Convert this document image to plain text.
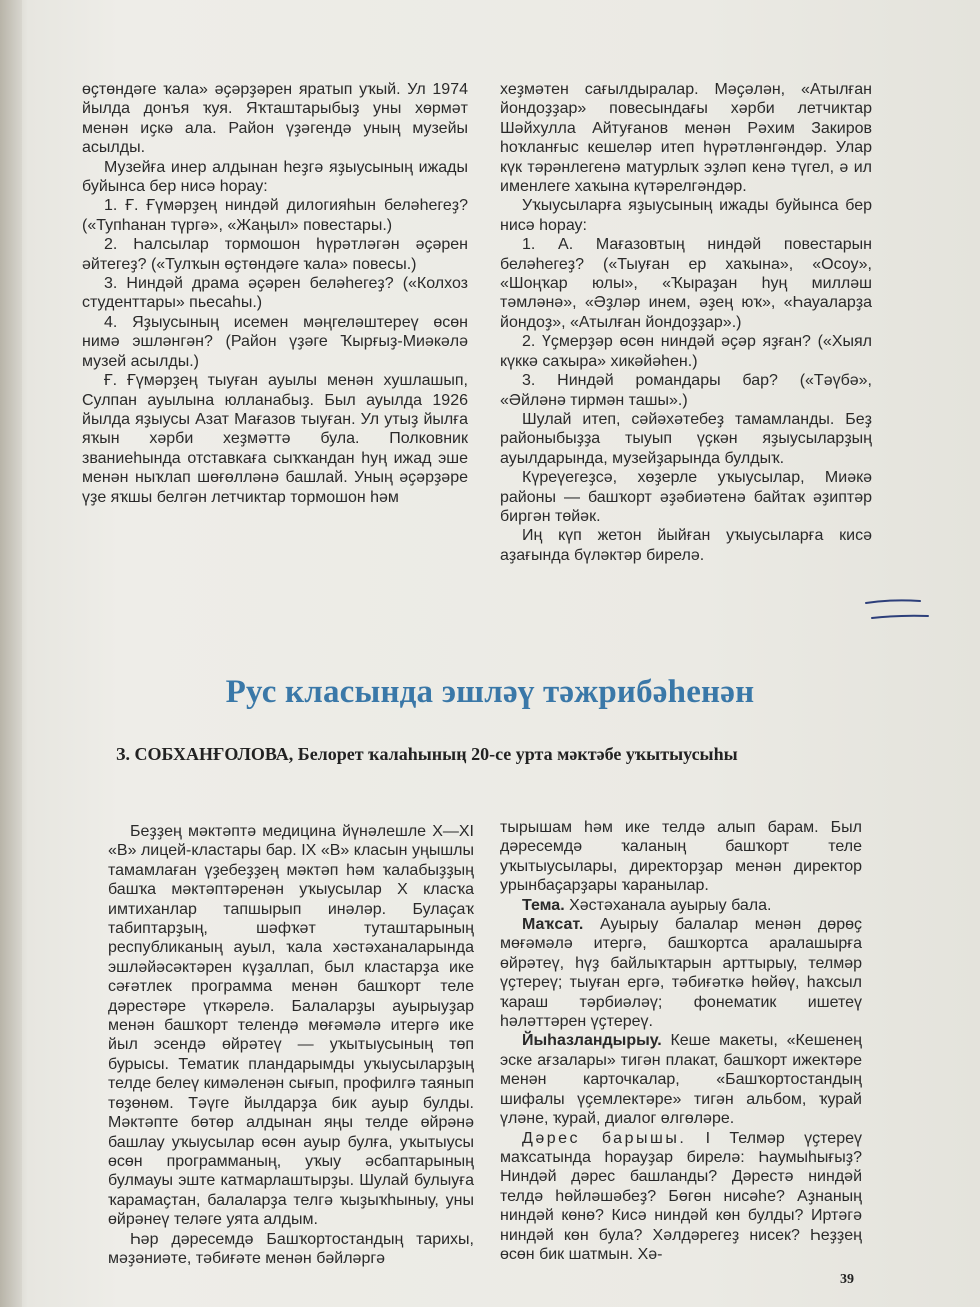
өҫтөндәге ҡала» әҫәрҙәрен яратып уҡый. Ул 1974 йылда донъя ҡуя. Яҡташтарыбыҙ уны хөрмәт менән иҫкә ала. Район үҙәгендә уның музейы асылды.

Музейға инер алдынан һеҙгә яҙыусының ижады буйынса бер нисә һорау:

1. Ғ. Ғүмәрҙең ниндәй дилогияһын беләһегеҙ? («Тупһанан түргә», «Жаңыл» повестары.)

2. Һалсылар тормошон һүрәтләгән әҫәрен әйтегеҙ? («Тулҡын өҫтөндәге ҡала» повесы.)

3. Ниндәй драма әҫәрен беләһегеҙ? («Колхоз студенттары» пьесаһы.)

4. Яҙыусының исемен мәңгеләштереү өсөн нимә эшләнгән? (Район үҙәге Ҡырғыҙ-Миәкәлә музей асылды.)

Ғ. Ғүмәрҙең тыуған ауылы менән хушлашып, Сулпан ауылына юлланабыҙ. Был ауылда 1926 йылда яҙыусы Азат Мағазов тыуған. Ул утыҙ йылға яҡын хәрби хеҙмәттә була. Полковник званиеһында отставкаға сыҡҡандан һуң ижад эше менән ныҡлап шөғөлләнә башлай. Уның әҫәрҙәре үҙе яҡшы белгән летчиктар тормошон һәм

хеҙмәтен сағылдыралар. Мәҫәлән, «Атылған йондоҙҙар» повесындағы хәрби летчиктар Шәйхулла Айтуғанов менән Рәхим Закиров һоҡланғыс кешеләр итеп һүрәтләнгәндәр. Улар күк тәрәнлегенә матурлыҡ эҙләп кенә түгел, ә ил именлеге хаҡына күтәрелгәндәр.

Уҡыусыларға яҙыусының ижады буйынса бер нисә һорау:

1. А. Мағазовтың ниндәй повестарын беләһегеҙ? («Тыуған ер хаҡына», «Осоу», «Шоңҡар юлы», «Ҡыраҙан һуң милләш тәмләнә», «Әҙләр инем, әҙең юҡ», «Һауаларҙа йондоҙ», «Атылған йондоҙҙар».)

2. Үҫмерҙәр өсөн ниндәй әҫәр яҙған? («Хыял күккә саҡыра» хикәйәһен.)

3. Ниндәй романдары бар? («Тәүбә», «Әйләнә тирмән ташы».)

Шулай итеп, сәйәхәтебеҙ тамамланды. Беҙ районыбыҙҙа тыуып үҫкән яҙыусыларҙың ауылдарында, музейҙарында булдыҡ.

Күреүегеҙсә, хөҙерле уҡыусылар, Миәкә районы — башҡорт әҙәбиәтенә байтаҡ әҙиптәр биргән төйәк.

Иң күп жетон йыйған уҡыусыларға кисә аҙағында бүләктәр бирелә.

Рус класында эшләү тәжрибәһенән

З. СОБХАНҒОЛОВА, Белорет ҡалаһының 20-се урта мәктәбе уҡытыусыһы

Беҙҙең мәктәптә медицина йүнәлешле X—XI «В» лицей-кластары бар. IX «В» класын уңышлы тамамлаған үҙебеҙҙең мәктәп һәм ҡалабыҙҙың башҡа мәктәптәренән уҡыусылар X класҡа имтиханлар тапшырып инәләр. Булаҫаҡ табиптарҙың, шәфҡәт туташтарының республиканың ауыл, ҡала хәстәханаларында эшләйәсәктәрен күҙаллап, был кластарҙа ике сәғәтлек программа менән башҡорт теле дәрестәре үткәрелә. Балаларҙы ауырыуҙар менән башҡорт телендә мөғәмәлә итергә ике йыл эсендә өйрәтеү — уҡытыусының төп бурысы. Тематик пландарымды уҡыусыларҙың телде белеү кимәленән сығып, профилгә таянып төҙөнөм. Тәүге йылдарҙа бик ауыр булды. Мәктәпте бөтөр алдынан яңы телде өйрәнә башлау уҡыусылар өсөн ауыр булға, уҡытыусы өсөн программаның, уҡыу әсбаптарының булмауы эште катмарлаштырҙы. Шулай булыуға ҡарамаҫтан, балаларҙа телгә ҡыҙыҡһыныу, уны өйрәнеү теләге уята алдым.

Һәр дәресемдә Башҡортостандың тарихы, мәҙәниәте, тәбиғәте менән бәйләргә

тырышам һәм ике телдә алып барам. Был дәресемдә ҡаланың башҡорт теле уҡытыусылары, директорҙар менән директор урынбаҫарҙары ҡаранылар.

Тема. Хәстәханала ауырыу бала.

Маҡсат. Ауырыу балалар менән дөрөҫ мөғәмәлә итергә, башҡортса аралашырға өйрәтеү, һүҙ байлыҡтарын арттырыу, телмәр үҫтереү; тыуған ергә, тәбиғәткә һөйөү, һаҡсыл ҡараш тәрбиәләү; фонематик ишетеү һәләттәрен үҫтереү.

Йыһазландырыу. Кеше макеты, «Кешенең эске ағзалары» тигән плакат, башҡорт ижектәре менән карточкалар, «Башҡортостандың шифалы үҫемлектәре» тигән альбом, ҡурай үләне, ҡурай, диалог өлгөләре.

Дәрес барышы. I Телмәр үҫтереү маҡсатында һорауҙар бирелә: Һаумыһығыҙ? Ниндәй дәрес башланды? Дәрестә ниндәй телдә һөйләшәбеҙ? Бөгөн нисәһе? Аҙнаның ниндәй көнө? Кисә ниндәй көн булды? Иртәгә ниндәй көн була? Хәлдәрегеҙ нисек? Һеҙҙең өсөн бик шатмын. Хә-

39
